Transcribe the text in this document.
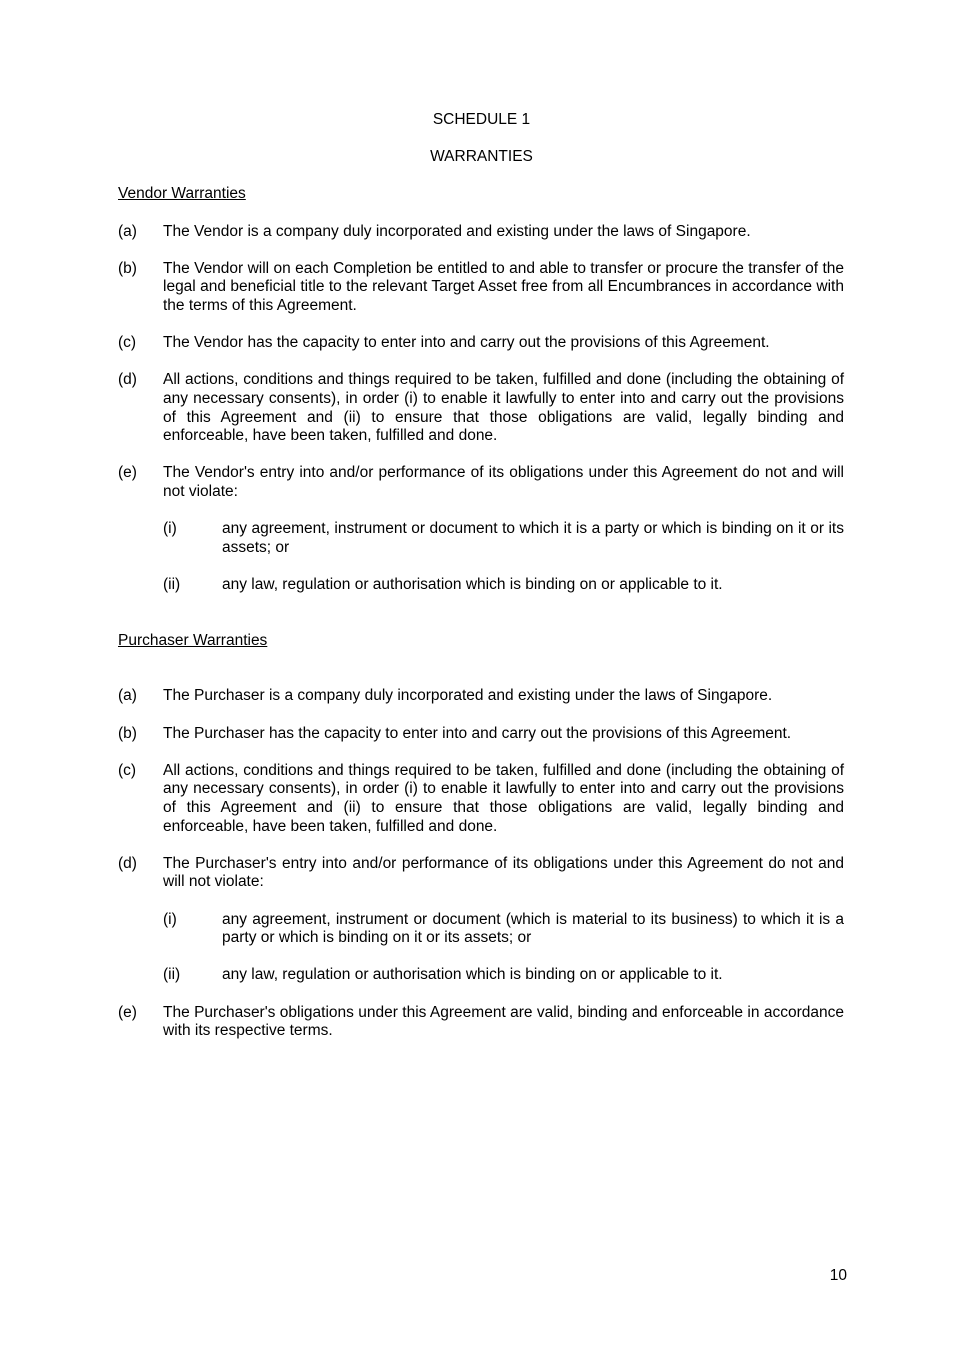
SCHEDULE 1
WARRANTIES
Vendor Warranties
(a)	The Vendor is a company duly incorporated and existing under the laws of Singapore.
(b)	The Vendor will on each Completion be entitled to and able to transfer or procure the transfer of the legal and beneficial title to the relevant Target Asset free from all Encumbrances in accordance with the terms of this Agreement.
(c)	The Vendor has the capacity to enter into and carry out the provisions of this Agreement.
(d)	All actions, conditions and things required to be taken, fulfilled and done (including the obtaining of any necessary consents), in order (i) to enable it lawfully to enter into and carry out the provisions of this Agreement and (ii) to ensure that those obligations are valid, legally binding and enforceable, have been taken, fulfilled and done.
(e)	The Vendor's entry into and/or performance of its obligations under this Agreement do not and will not violate:
(i)	any agreement, instrument or document to which it is a party or which is binding on it or its assets; or
(ii)	any law, regulation or authorisation which is binding on or applicable to it.
Purchaser Warranties
(a)	The Purchaser is a company duly incorporated and existing under the laws of Singapore.
(b)	The Purchaser has the capacity to enter into and carry out the provisions of this Agreement.
(c)	All actions, conditions and things required to be taken, fulfilled and done (including the obtaining of any necessary consents), in order (i) to enable it lawfully to enter into and carry out the provisions of this Agreement and (ii) to ensure that those obligations are valid, legally binding and enforceable, have been taken, fulfilled and done.
(d)	The Purchaser's entry into and/or performance of its obligations under this Agreement do not and will not violate:
(i)	any agreement, instrument or document (which is material to its business) to which it is a party or which is binding on it or its assets; or
(ii)	any law, regulation or authorisation which is binding on or applicable to it.
(e)	The Purchaser's obligations under this Agreement are valid, binding and enforceable in accordance with its respective terms.
10
